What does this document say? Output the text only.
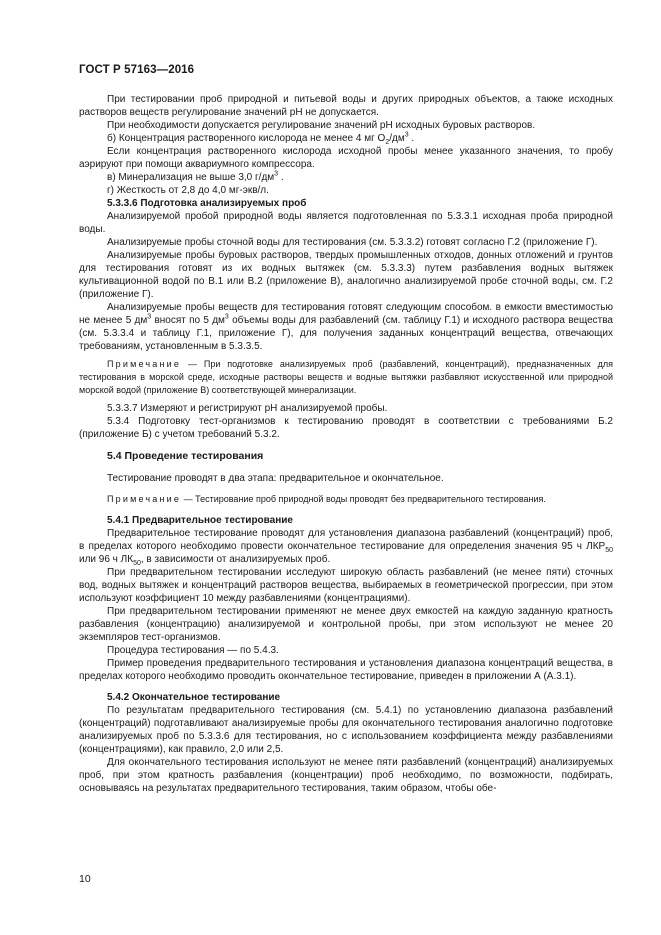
ГОСТ Р 57163—2016

При тестировании проб природной и питьевой воды и других природных объектов, а также исходных растворов веществ регулирование значений рН не допускается.

При необходимости допускается регулирование значений рН исходных буровых растворов.

б) Концентрация растворенного кислорода не менее 4 мг $O_2/дм^3$ .

Если концентрация растворенного кислорода исходной пробы менее указанного значения, то пробу аэрируют при помощи аквариумного компрессора.

в) Минерализация не выше 3,0 $г/дм^3$ .

г) Жесткость от 2,8 до 4,0 мг-экв/л.

5.3.3.6 Подготовка анализируемых проб

Анализируемой пробой природной воды является подготовленная по 5.3.3.1 исходная проба природной воды.

Анализируемые пробы сточной воды для тестирования (см. 5.3.3.2) готовят согласно Г.2 (приложение Г).

Анализируемые пробы буровых растворов, твердых промышленных отходов, донных отложений и грунтов для тестирования готовят из их водных вытяжек (см. 5.3.3.3) путем разбавления водных вытяжек культивационной водой по В.1 или В.2 (приложение В), аналогично анализируемой пробе сточной воды, см. Г.2 (приложение Г).

Анализируемые пробы веществ для тестирования готовят следующим способом. в емкости вместимостью не менее 5 $дм^3$ вносят по 5 $дм^3$ объемы воды для разбавлений (см. таблицу Г.1) и исходного раствора вещества (см. 5.3.3.4 и таблицу Г.1, приложение Г), для получения заданных концентраций вещества, отвечающих требованиям, установленным в 5.3.3.5.

Примечание — При подготовке анализируемых проб (разбавлений, концентраций), предназначенных для тестирования в морской среде, исходные растворы веществ и водные вытяжки разбавляют искусственной или природной морской водой (приложение В) соответствующей минерализации.

5.3.3.7 Измеряют и регистрируют рН анализируемой пробы.

5.3.4 Подготовку тест-организмов к тестированию проводят в соответствии с требованиями Б.2 (приложение Б) с учетом требований 5.3.2.

5.4 Проведение тестирования

Тестирование проводят в два этапа: предварительное и окончательное.

Примечание — Тестирование проб природной воды проводят без предварительного тестирования.

5.4.1 Предварительное тестирование

Предварительное тестирование проводят для установления диапазона разбавлений (концентраций) проб, в пределах которого необходимо провести окончательное тестирование для определения значения 95 ч $ЛКР_{50}$ или 96 ч $ЛК_{50}$, в зависимости от анализируемых проб.

При предварительном тестировании исследуют широкую область разбавлений (не менее пяти) сточных вод, водных вытяжек и концентраций растворов вещества, выбираемых в геометрической прогрессии, при этом используют коэффициент 10 между разбавлениями (концентрациями).

При предварительном тестировании применяют не менее двух емкостей на каждую заданную кратность разбавления (концентрацию) анализируемой и контрольной пробы, при этом используют не менее 20 экземпляров тест-организмов.

Процедура тестирования — по 5.4.3.

Пример проведения предварительного тестирования и установления диапазона концентраций вещества, в пределах которого необходимо проводить окончательное тестирование, приведен в приложении А (А.3.1).

5.4.2 Окончательное тестирование

По результатам предварительного тестирования (см. 5.4.1) по установлению диапазона разбавлений (концентраций) подготавливают анализируемые пробы для окончательного тестирования аналогично подготовке анализируемых проб по 5.3.3.6 для тестирования, но с использованием коэффициента между разбавлениями (концентрациями), как правило, 2,0 или 2,5.

Для окончательного тестирования используют не менее пяти разбавлений (концентраций) анализируемых проб, при этом кратность разбавления (концентрации) проб необходимо, по возможности, подбирать, основываясь на результатах предварительного тестирования, таким образом, чтобы обе-

10
